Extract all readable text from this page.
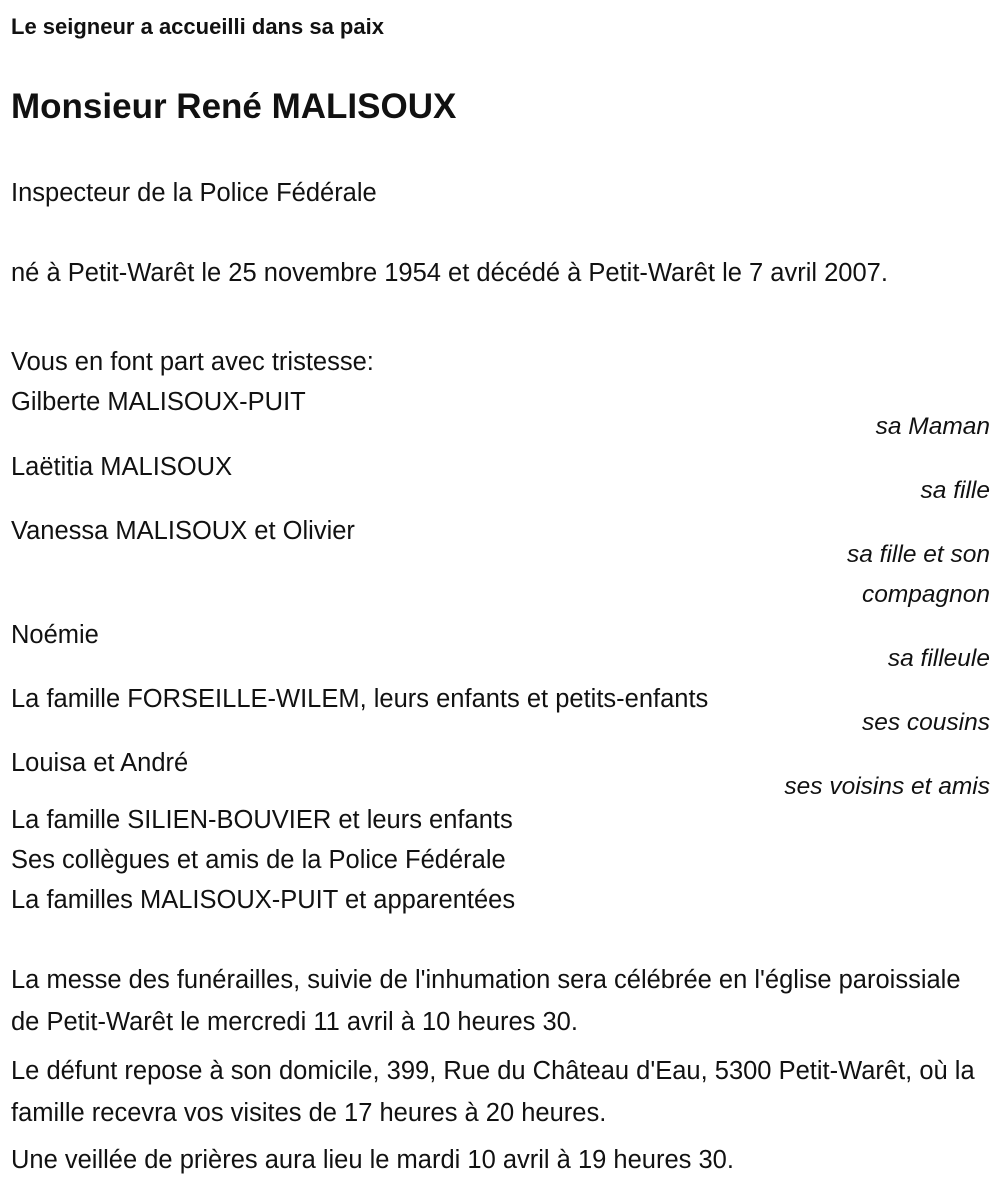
Le seigneur a accueilli dans sa paix
Monsieur René MALISOUX
Inspecteur de la Police Fédérale
né à Petit-Warêt le 25 novembre 1954 et décédé à Petit-Warêt le 7 avril 2007.
Vous en font part avec tristesse:
Gilberte MALISOUX-PUIT
sa Maman
Laëtitia MALISOUX
sa fille
Vanessa MALISOUX et Olivier
sa fille et son compagnon
Noémie
sa filleule
La famille FORSEILLE-WILEM, leurs enfants et petits-enfants
ses cousins
Louisa et André
ses voisins et amis
La famille SILIEN-BOUVIER et leurs enfants
Ses collègues et amis de la Police Fédérale
La familles MALISOUX-PUIT et apparentées
La messe des funérailles, suivie de l'inhumation sera célébrée en l'église paroissiale de Petit-Warêt le mercredi 11 avril à 10 heures 30.
Le défunt repose à son domicile, 399, Rue du Château d'Eau, 5300 Petit-Warêt, où la famille recevra vos visites de 17 heures à 20 heures.
Une veillée de prières aura lieu le mardi 10 avril à 19 heures 30.
